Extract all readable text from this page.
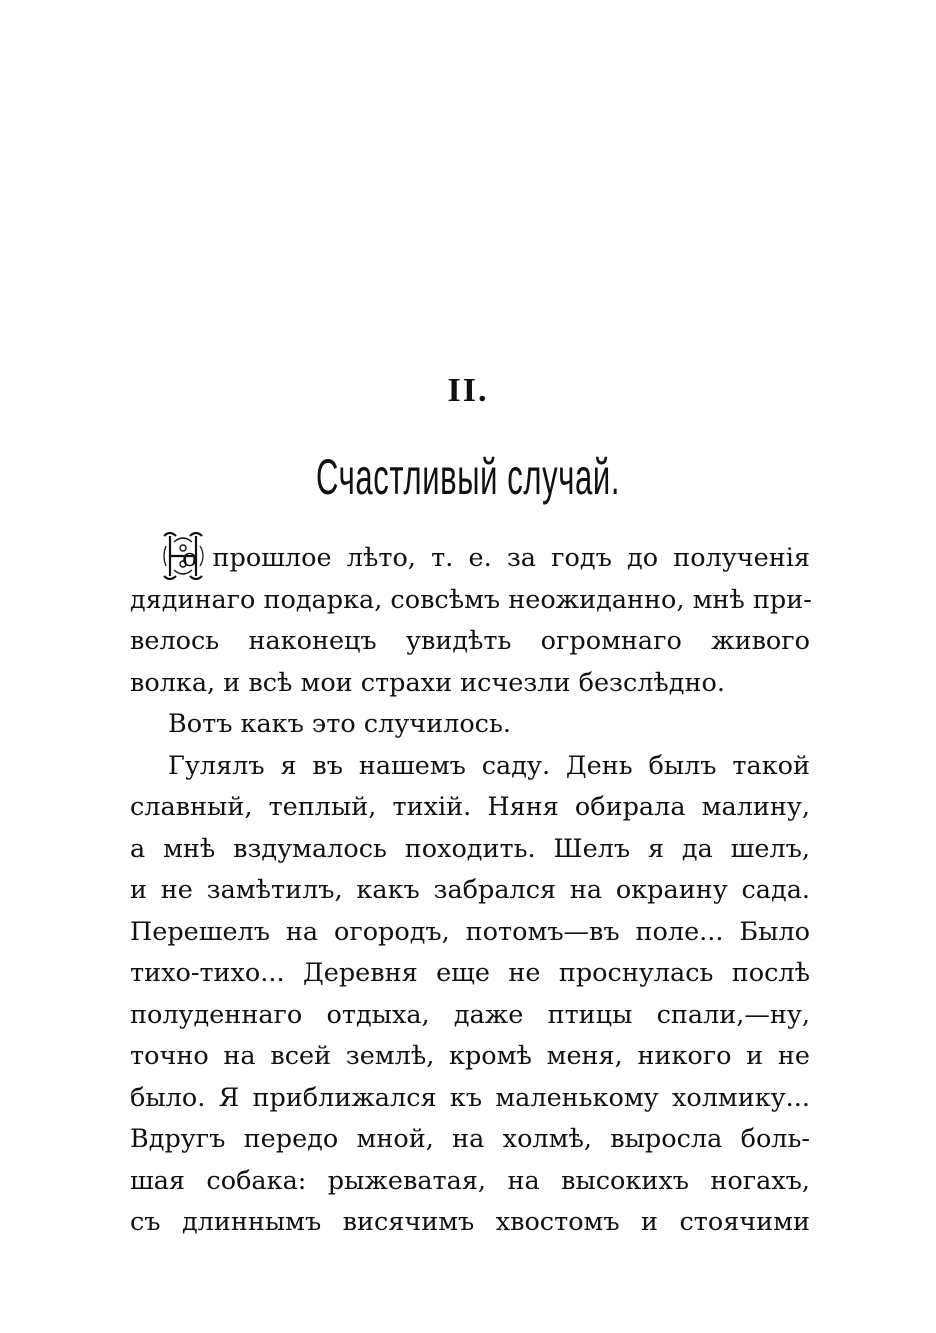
II.
Счастливый случай.
о прошлое лѣто, т. е. за годъ до полученія
дядинаго подарка, совсѣмъ неожиданно, мнѣ при-
велось наконецъ увидѣть огромнаго живого
волка, и всѣ мои страхи исчезли безслѣдно.
Вотъ какъ это случилось.
Гулялъ я въ нашемъ саду. День былъ такой
славный, теплый, тихій. Няня обирала малину,
а мнѣ вздумалось походить. Шелъ я да шелъ,
и не замѣтилъ, какъ забрался на окраину сада.
Перешелъ на огородъ, потомъ—въ поле... Было
тихо-тихо... Деревня еще не проснулась послѣ
полуденнаго отдыха, даже птицы спали,—ну,
точно на всей землѣ, кромѣ меня, никого и не
было. Я приближался къ маленькому холмику...
Вдругъ передо мной, на холмѣ, выросла боль-
шая собака: рыжеватая, на высокихъ ногахъ,
съ длиннымъ висячимъ хвостомъ и стоячими
